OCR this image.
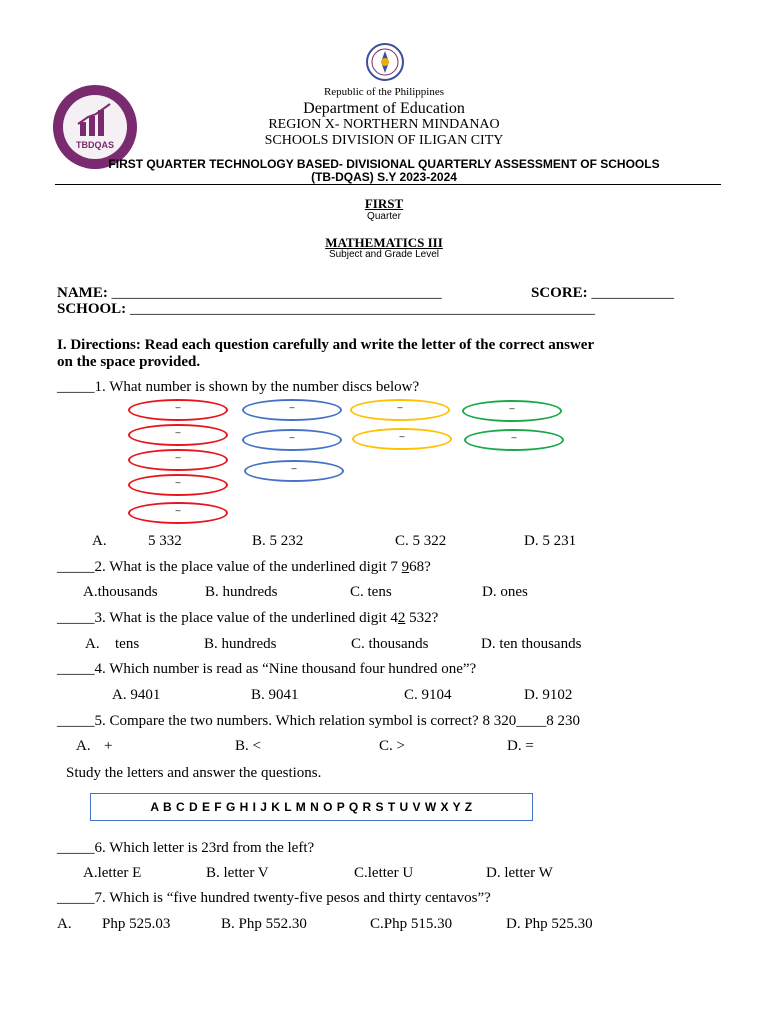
TBDQAS
Republic of the Philippines
Department of Education
REGION X- NORTHERN MINDANAO
SCHOOLS DIVISION OF ILIGAN CITY
FIRST QUARTER TECHNOLOGY BASED- DIVISIONAL QUARTERLY ASSESSMENT OF SCHOOLS
(TB-DQAS) S.Y 2023-2024
FIRST
Quarter
MATHEMATICS III
Subject and Grade Level
NAME: ____________________________________________	SCORE: ___________
SCHOOL: ______________________________________________________________
I. Directions: Read each question carefully and write the letter of the correct answer
on the space provided.
_____1. What number is shown by the number discs below?
–
–
–
–
–
–
–
–
–
–
–
–
A.	5 332	B. 5 232	C. 5 322	D. 5 231
_____2. What is the place value of the underlined digit 7 968?
A.thousands	B. hundreds	C. tens	D. ones
_____3. What is the place value of the underlined digit 42 532?
A. tens	B. hundreds	C. thousands	D. ten thousands
_____4. Which number is read as “Nine thousand four hundred one”?
A. 9401	B. 9041	C. 9104	D. 9102
_____5. Compare the two numbers. Which relation symbol is correct? 8 320____8 230
A. +	B. <	C. >	D. =
Study the letters and answer the questions.
A B C D E F G H I J K L M N O P Q R S T U V W X Y Z
_____6. Which letter is 23rd from the left?
A.letter E	B. letter V	C.letter U	D. letter W
_____7. Which is “five hundred twenty-five pesos and thirty centavos”?
A. Php 525.03	B. Php 552.30	C.Php 515.30	D. Php 525.30
